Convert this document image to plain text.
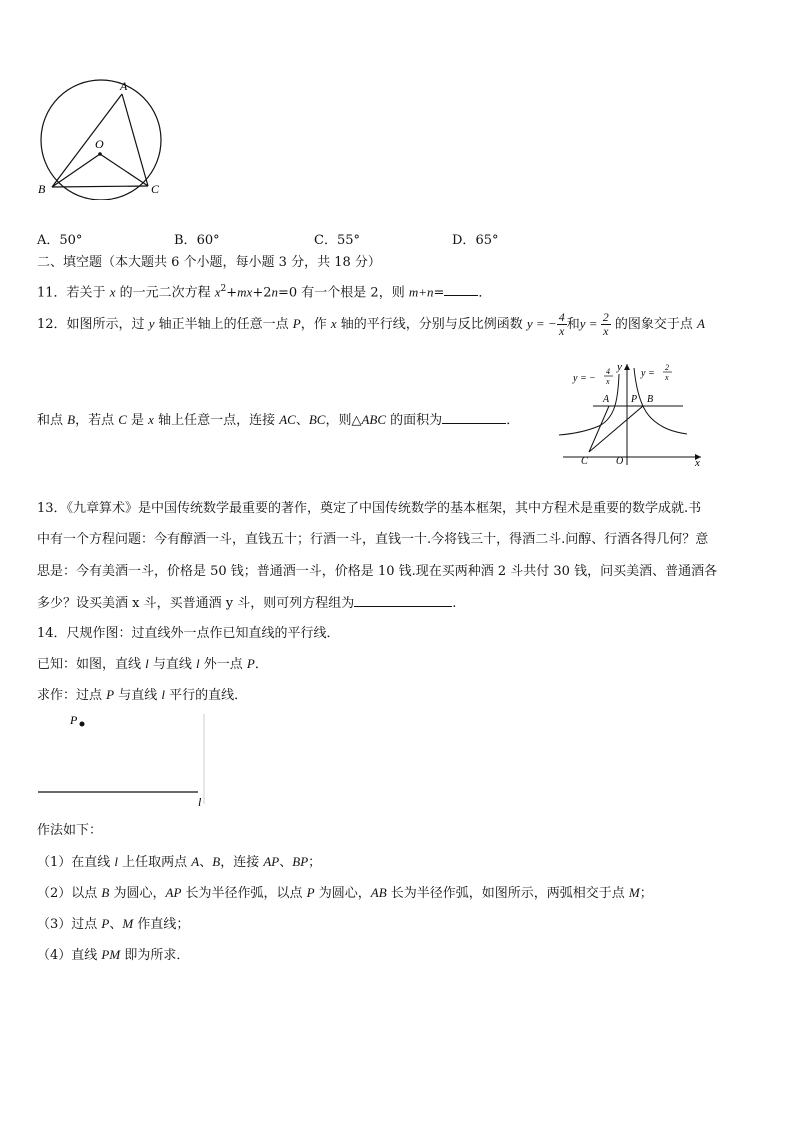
A
O
B	C
A．50°	B．60°	C．55°	D．65°
二、填空题（本大题共 6 个小题，每小题 3 分，共 18 分）
11．若关于 x 的一元二次方程 $x^2+mx+2n=0$ 有一个根是 2，则 m+n=	．
12．如图所示，过 y 轴正半轴上的任意一点 P，作 x 轴的平行线，分别与反比例函数 y = − $\frac{4}{x}$ 和$y = \frac{2}{x}$ 的图象交于点 A
和点 B，若点 C 是 x 轴上任意一点，连接 AC、BC，则△ABC 的面积为	．
y = −
4
x
y =
2
x
y
x
A P B
C	O
13．《九章算术》是中国传统数学最重要的著作，奠定了中国传统数学的基本框架，其中方程术是重要的数学成就.书
中有一个方程问题：今有醇酒一斗，直钱五十；行酒一斗，直钱一十.今将钱三十，得酒二斗.问醇、行酒各得几何？意
思是：今有美酒一斗，价格是 50 钱；普通酒一斗，价格是 10 钱.现在买两种酒 2 斗共付 30 钱，问买美酒、普通酒各
多少？设买美酒 x 斗，买普通酒 y 斗，则可列方程组为	.
14．尺规作图：过直线外一点作已知直线的平行线．
已知：如图，直线 l 与直线 l 外一点 P．
求作：过点 P 与直线 l 平行的直线．
P
l
作法如下：
（1）在直线 l 上任取两点 A、B，连接 AP、BP；
（2）以点 B 为圆心，AP 长为半径作弧，以点 P 为圆心，AB 长为半径作弧，如图所示，两弧相交于点 M；
（3）过点 P、M 作直线；
（4）直线 PM 即为所求．
